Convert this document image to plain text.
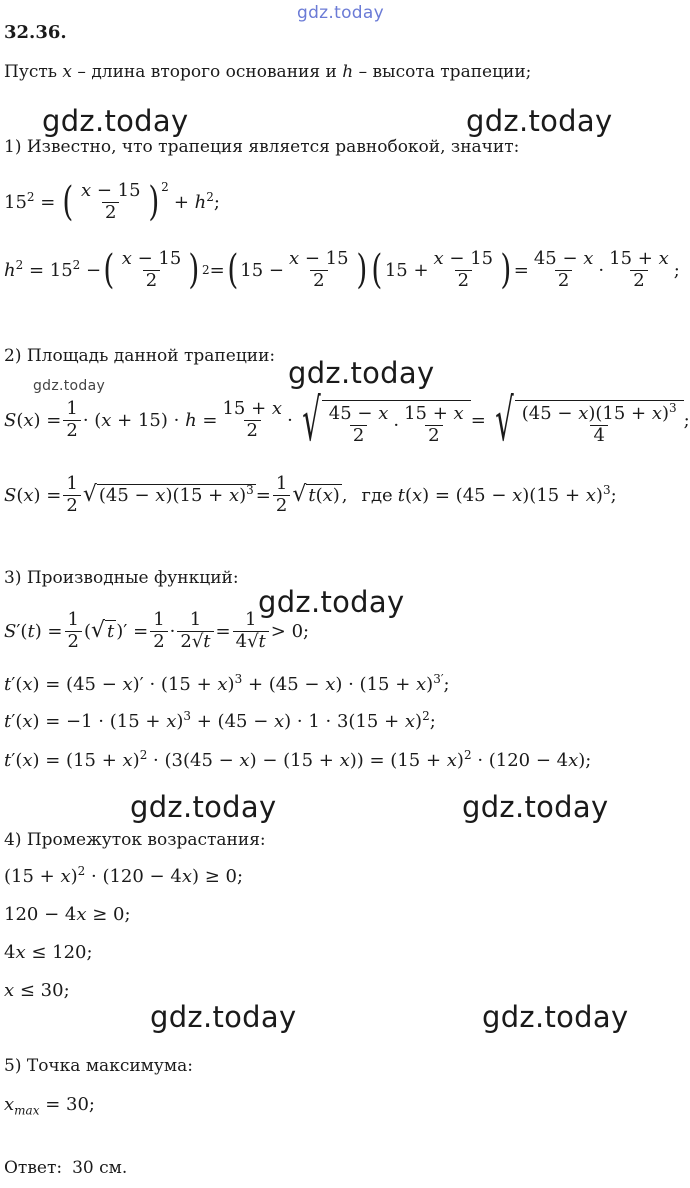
gdz.today
gdz.today	gdz.today
gdz.today	gdz.today
gdz.today
gdz.today	gdz.today
gdz.today	gdz.today
32.36.
Пусть x – длина второго основания и h – высота трапеции;
1) Известно, что трапеция является равнобокой, значит:
$15^2$ = ( $\frac{x - 15}{2}$ ) 2
+ $h^2$;
$h^2 = 15^2$ − ( $\frac{x - 15}{2}$ ) 2 = ( $15 - \frac{x - 15}{2}$ ) ( $15 + \frac{x - 15}{2}$ ) = $\frac{45 - x}{2} \cdot \frac{15 + x}{2}$ ;
2) Площадь данной трапеции:
$S(x) = \frac{1}{2} \cdot (x + 15) \cdot h = \frac{15 + x}{2}$ · √ $\frac{45 - x}{2} \cdot \frac{15 + x}{2}$ = √ $\frac{(45 - x)(15 + x)^3}{4}$ ;
$S(x) = \frac{1}{2}$ √ $(45 - x)(15 + x)^3 = \frac{1}{2}$ √ t(x) , где $t(x) = (45 - x)(15 + x)^3$;
3) Производные функций:
$S'(t) = \frac{1}{2}$ ( √ t )′ = $\frac{1}{2} \cdot \frac{1}{2√t} = \frac{1}{4√t} > 0$;
$t'(x) = (45 - x)' \cdot (15 + x)^3 + (45 - x) \cdot (15 + x)^{3'}$;
$t'(x) = -1 \cdot (15 + x)^3 + (45 - x) \cdot 1 \cdot 3(15 + x)^2$;
$t'(x) = (15 + x)^2 \cdot (3(45 - x) - (15 + x)) = (15 + x)^2 \cdot (120 - 4x)$;
4) Промежуток возрастания:
$(15 + x)^2 \cdot (120 - 4x) \ge 0$;
120 − 4x ≥ 0;
4x ≤ 120;
x ≤ 30;
5) Точка максимума:
$x_{max} = 30$;
Ответ: 30 см.
